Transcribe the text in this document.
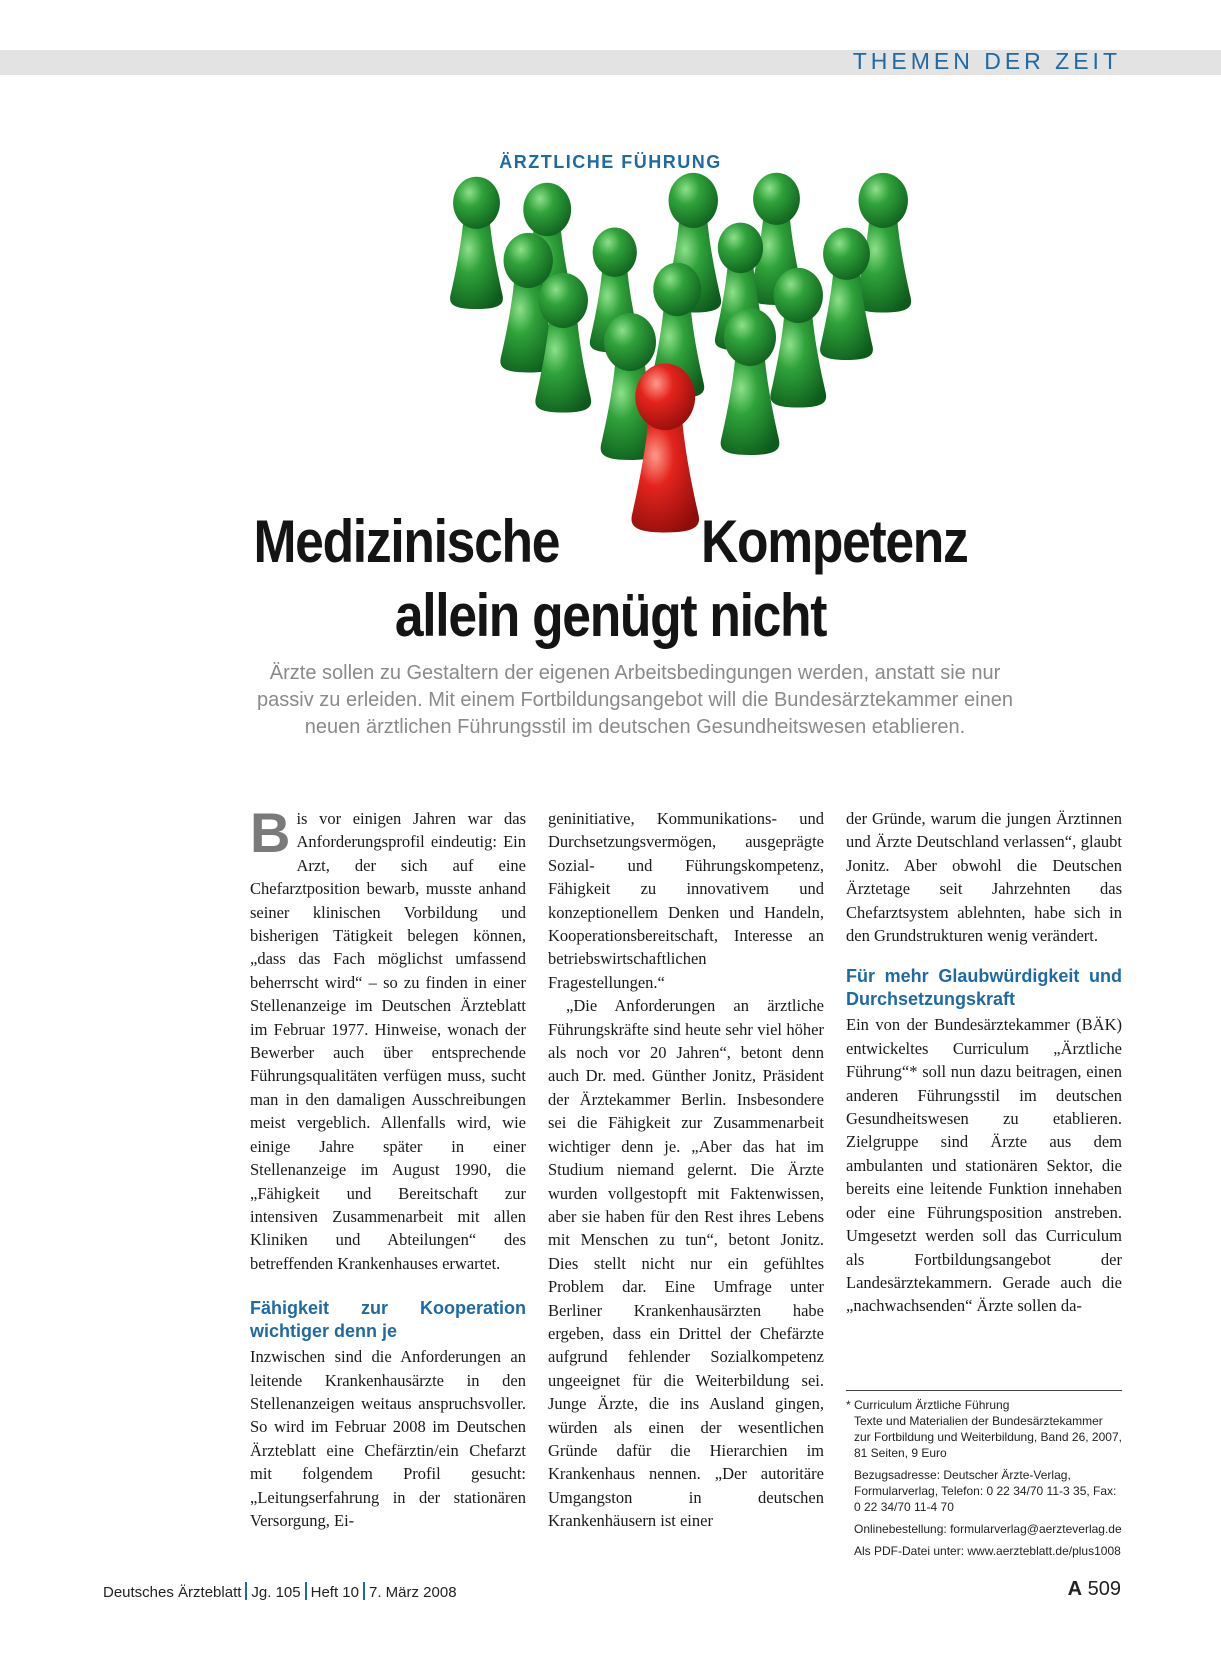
THEMEN DER ZEIT
ÄRZTLICHE FÜHRUNG
Medizinische Kompetenz
allein genügt nicht

Ärzte sollen zu Gestaltern der eigenen Arbeitsbedingungen werden, anstatt sie nur passiv zu erleiden. Mit einem Fortbildungsangebot will die Bundesärztekammer einen neuen ärztlichen Führungsstil im deutschen Gesundheitswesen etablieren.

Bis vor einigen Jahren war das Anforderungsprofil eindeutig: Ein Arzt, der sich auf eine Chefarztposition bewarb, musste anhand seiner klinischen Vorbildung und bisherigen Tätigkeit belegen können, „dass das Fach möglichst umfassend beherrscht wird“ – so zu finden in einer Stellenanzeige im Deutschen Ärzteblatt im Februar 1977. Hinweise, wonach der Bewerber auch über entsprechende Führungsqualitäten verfügen muss, sucht man in den damaligen Ausschreibungen meist vergeblich. Allenfalls wird, wie einige Jahre später in einer Stellenanzeige im August 1990, die „Fähigkeit und Bereitschaft zur intensiven Zusammenarbeit mit allen Kliniken und Abteilungen“ des betreffenden Krankenhauses erwartet.

Fähigkeit zur Kooperation wichtiger denn je

Inzwischen sind die Anforderungen an leitende Krankenhausärzte in den Stellenanzeigen weitaus anspruchsvoller. So wird im Februar 2008 im Deutschen Ärzteblatt eine Chefärztin/ein Chefarzt mit folgendem Profil gesucht: „Leitungserfahrung in der stationären Versorgung, Ei-

geninitiative, Kommunikations- und Durchsetzungsvermögen, ausgeprägte Sozial- und Führungskompetenz, Fähigkeit zu innovativem und konzeptionellem Denken und Handeln, Kooperationsbereitschaft, Interesse an betriebswirtschaftlichen Fragestellungen.“

„Die Anforderungen an ärztliche Führungskräfte sind heute sehr viel höher als noch vor 20 Jahren“, betont denn auch Dr. med. Günther Jonitz, Präsident der Ärztekammer Berlin. Insbesondere sei die Fähigkeit zur Zusammenarbeit wichtiger denn je. „Aber das hat im Studium niemand gelernt. Die Ärzte wurden vollgestopft mit Faktenwissen, aber sie haben für den Rest ihres Lebens mit Menschen zu tun“, betont Jonitz. Dies stellt nicht nur ein gefühltes Problem dar. Eine Umfrage unter Berliner Krankenhausärzten habe ergeben, dass ein Drittel der Chefärzte aufgrund fehlender Sozialkompetenz ungeeignet für die Weiterbildung sei. Junge Ärzte, die ins Ausland gingen, würden als einen der wesentlichen Gründe dafür die Hierarchien im Krankenhaus nennen. „Der autoritäre Umgangston in deutschen Krankenhäusern ist einer

der Gründe, warum die jungen Ärztinnen und Ärzte Deutschland verlassen“, glaubt Jonitz. Aber obwohl die Deutschen Ärztetage seit Jahrzehnten das Chefarztsystem ablehnten, habe sich in den Grundstrukturen wenig verändert.

Für mehr Glaubwürdigkeit und Durchsetzungskraft

Ein von der Bundesärztekammer (BÄK) entwickeltes Curriculum „Ärztliche Führung“* soll nun dazu beitragen, einen anderen Führungsstil im deutschen Gesundheitswesen zu etablieren. Zielgruppe sind Ärzte aus dem ambulanten und stationären Sektor, die bereits eine leitende Funktion innehaben oder eine Führungsposition anstreben. Umgesetzt werden soll das Curriculum als Fortbildungsangebot der Landesärztekammern. Gerade auch die „nachwachsenden“ Ärzte sollen da-

* Curriculum Ärztliche Führung

Texte und Materialien der Bundesärztekammer zur Fortbildung und Weiterbildung, Band 26, 2007, 81 Seiten, 9 Euro

Bezugsadresse: Deutscher Ärzte-Verlag, Formularverlag, Telefon: 0 22 34/70 11-3 35, Fax: 0 22 34/70 11-4 70

Onlinebestellung: formularverlag@aerzteverlag.de

Als PDF-Datei unter: www.aerzteblatt.de/plus1008

Deutsches Ärzteblatt Jg. 105 Heft 10 7. März 2008	A 509
